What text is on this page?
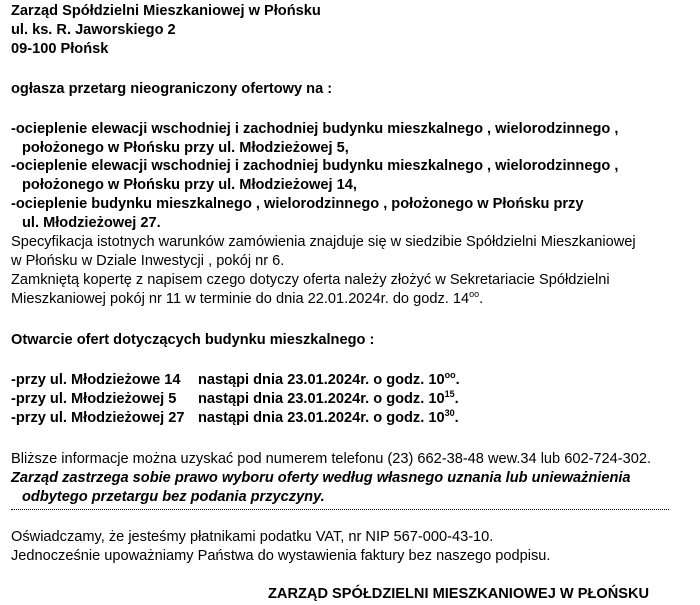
Zarząd Spółdzielni Mieszkaniowej w Płońsku
ul. ks. R. Jaworskiego 2
09-100 Płońsk
ogłasza przetarg nieograniczony ofertowy na :
-ocieplenie elewacji wschodniej i zachodniej budynku mieszkalnego , wielorodzinnego ,
położonego w Płońsku przy ul. Młodzieżowej 5,
-ocieplenie elewacji wschodniej i zachodniej budynku mieszkalnego , wielorodzinnego ,
położonego w Płońsku przy ul. Młodzieżowej 14,
-ocieplenie budynku mieszkalnego , wielorodzinnego , położonego w Płońsku przy
ul. Młodzieżowej 27.
Specyfikacja istotnych warunków zamówienia znajduje się w siedzibie Spółdzielni Mieszkaniowej
w Płońsku w Dziale Inwestycji , pokój nr 6.
Zamkniętą kopertę z napisem czego dotyczy oferta należy złożyć w Sekretariacie Spółdzielni
Mieszkaniowej pokój nr 11 w terminie do dnia 22.01.2024r. do godz. $14^{oo}$.
Otwarcie ofert dotyczących budynku mieszkalnego :
-przy ul. Młodzieżowe 14 nastąpi dnia 23.01.2024r. o godz. $10^{oo}$.
-przy ul. Młodzieżowej 5 nastąpi dnia 23.01.2024r. o godz. $10^{15}$.
-przy ul. Młodzieżowej 27 nastąpi dnia 23.01.2024r. o godz. $10^{30}$.
Bliższe informacje można uzyskać pod numerem telefonu (23) 662-38-48 wew.34 lub 602-724-302.
Zarząd zastrzega sobie prawo wyboru oferty według własnego uznania lub unieważnienia
odbytego przetargu bez podania przyczyny.
Oświadczamy, że jesteśmy płatnikami podatku VAT, nr NIP 567-000-43-10.
Jednocześnie upoważniamy Państwa do wystawienia faktury bez naszego podpisu.
ZARZĄD SPÓŁDZIELNI MIESZKANIOWEJ W PŁOŃSKU
